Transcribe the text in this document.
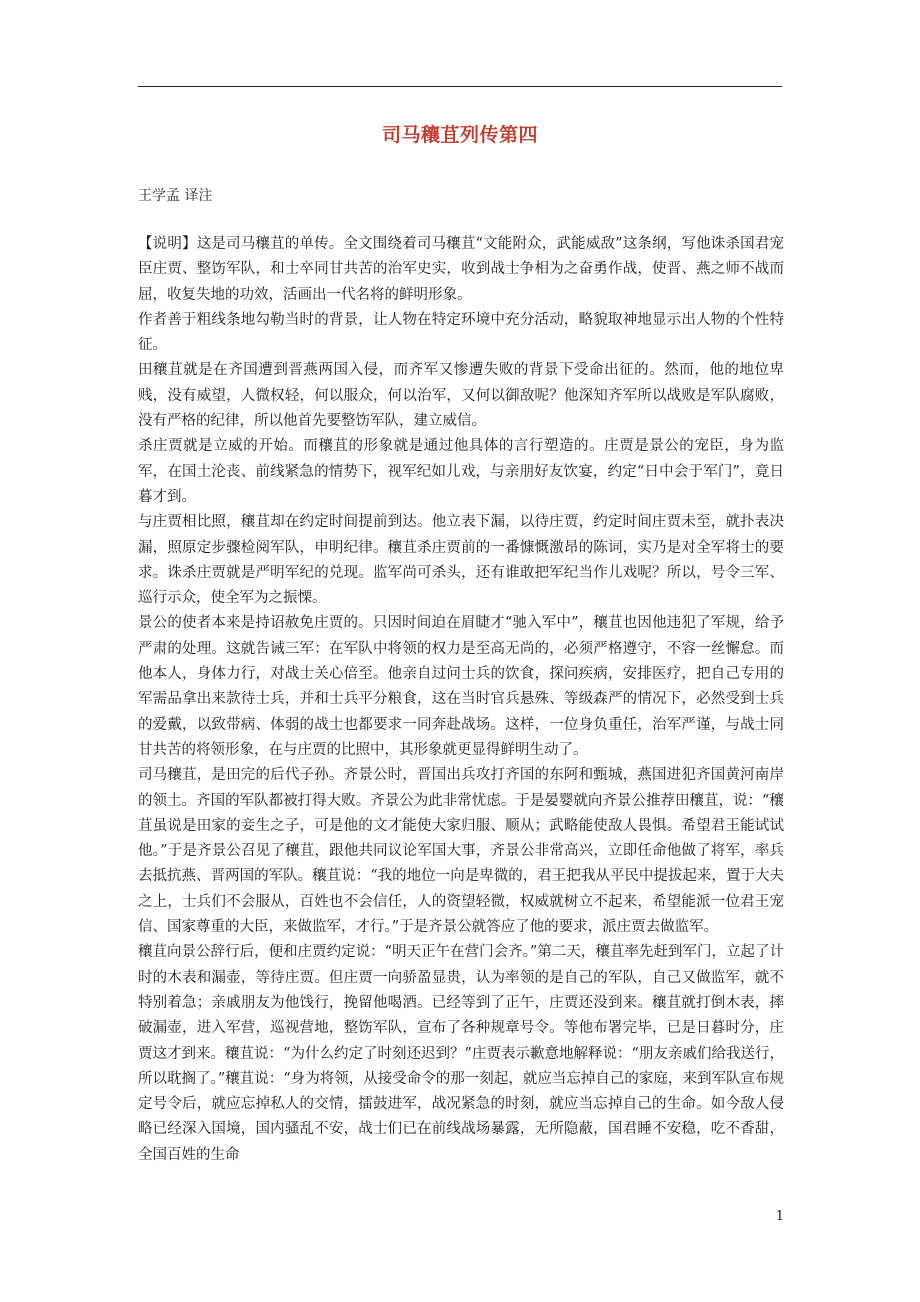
司马穰苴列传第四
王学孟 译注

【说明】这是司马穰苴的单传。全文围绕着司马穰苴“文能附众，武能威敌”这条纲，写他诛杀国君宠臣庄贾、整饬军队，和士卒同甘共苦的治军史实，收到战士争相为之奋勇作战，使晋、燕之师不战而屈，收复失地的功效，活画出一代名将的鲜明形象。

作者善于粗线条地勾勒当时的背景，让人物在特定环境中充分活动，略貌取神地显示出人物的个性特征。

田穰苴就是在齐国遭到晋燕两国入侵，而齐军又惨遭失败的背景下受命出征的。然而，他的地位卑贱，没有威望，人微权轻，何以服众，何以治军，又何以御敌呢？他深知齐军所以战败是军队腐败，没有严格的纪律，所以他首先要整饬军队，建立威信。

杀庄贾就是立威的开始。而穰苴的形象就是通过他具体的言行塑造的。庄贾是景公的宠臣，身为监军，在国土沦丧、前线紧急的情势下，视军纪如儿戏，与亲朋好友饮宴，约定“日中会于军门”，竟日暮才到。

与庄贾相比照，穰苴却在约定时间提前到达。他立表下漏，以待庄贾，约定时间庄贾未至，就扑表决漏，照原定步骤检阅军队，申明纪律。穰苴杀庄贾前的一番慷慨激昂的陈词，实乃是对全军将士的要求。诛杀庄贾就是严明军纪的兑现。监军尚可杀头，还有谁敢把军纪当作儿戏呢？所以，号令三军、巡行示众，使全军为之振慄。

景公的使者本来是持诏赦免庄贾的。只因时间迫在眉睫才“驰入军中”，穰苴也因他违犯了军规，给予严肃的处理。这就告诫三军：在军队中将领的权力是至高无尚的，必须严格遵守，不容一丝懈怠。而他本人，身体力行，对战士关心倍至。他亲自过问士兵的饮食，探问疾病，安排医疗，把自己专用的军需品拿出来款待士兵，并和士兵平分粮食，这在当时官兵悬殊、等级森严的情况下，必然受到士兵的爱戴，以致带病、体弱的战士也都要求一同奔赴战场。这样，一位身负重任，治军严谨，与战士同甘共苦的将领形象，在与庄贾的比照中，其形象就更显得鲜明生动了。

司马穰苴，是田完的后代子孙。齐景公时，晋国出兵攻打齐国的东阿和甄城，燕国进犯齐国黄河南岸的领土。齐国的军队都被打得大败。齐景公为此非常忧虑。于是晏婴就向齐景公推荐田穰苴，说：“穰苴虽说是田家的妾生之子，可是他的文才能使大家归服、顺从；武略能使敌人畏惧。希望君王能试试他。”于是齐景公召见了穰苴，跟他共同议论军国大事，齐景公非常高兴，立即任命他做了将军，率兵去抵抗燕、晋两国的军队。穰苴说：“我的地位一向是卑微的，君王把我从平民中提拔起来，置于大夫之上，士兵们不会服从，百姓也不会信任，人的资望轻微，权威就树立不起来，希望能派一位君王宠信、国家尊重的大臣，来做监军，才行。”于是齐景公就答应了他的要求，派庄贾去做监军。

穰苴向景公辞行后，便和庄贾约定说：“明天正午在营门会齐。”第二天，穰苴率先赶到军门，立起了计时的木表和漏壶，等待庄贾。但庄贾一向骄盈显贵，认为率领的是自己的军队，自己又做监军，就不特别着急；亲戚朋友为他饯行，挽留他喝酒。已经等到了正午，庄贾还没到来。穰苴就打倒木表，摔破漏壶，进入军营，巡视营地，整饬军队，宣布了各种规章号令。等他布署完毕，已是日暮时分，庄贾这才到来。穰苴说：“为什么约定了时刻还迟到？”庄贾表示歉意地解释说：“朋友亲戚们给我送行，所以耽搁了。”穰苴说：“身为将领，从接受命令的那一刻起，就应当忘掉自己的家庭，来到军队宣布规定号令后，就应忘掉私人的交情，擂鼓进军，战况紧急的时刻，就应当忘掉自己的生命。如今敌人侵略已经深入国境，国内骚乱不安，战士们已在前线战场暴露，无所隐蔽，国君睡不安稳，吃不香甜，全国百姓的生命

1
